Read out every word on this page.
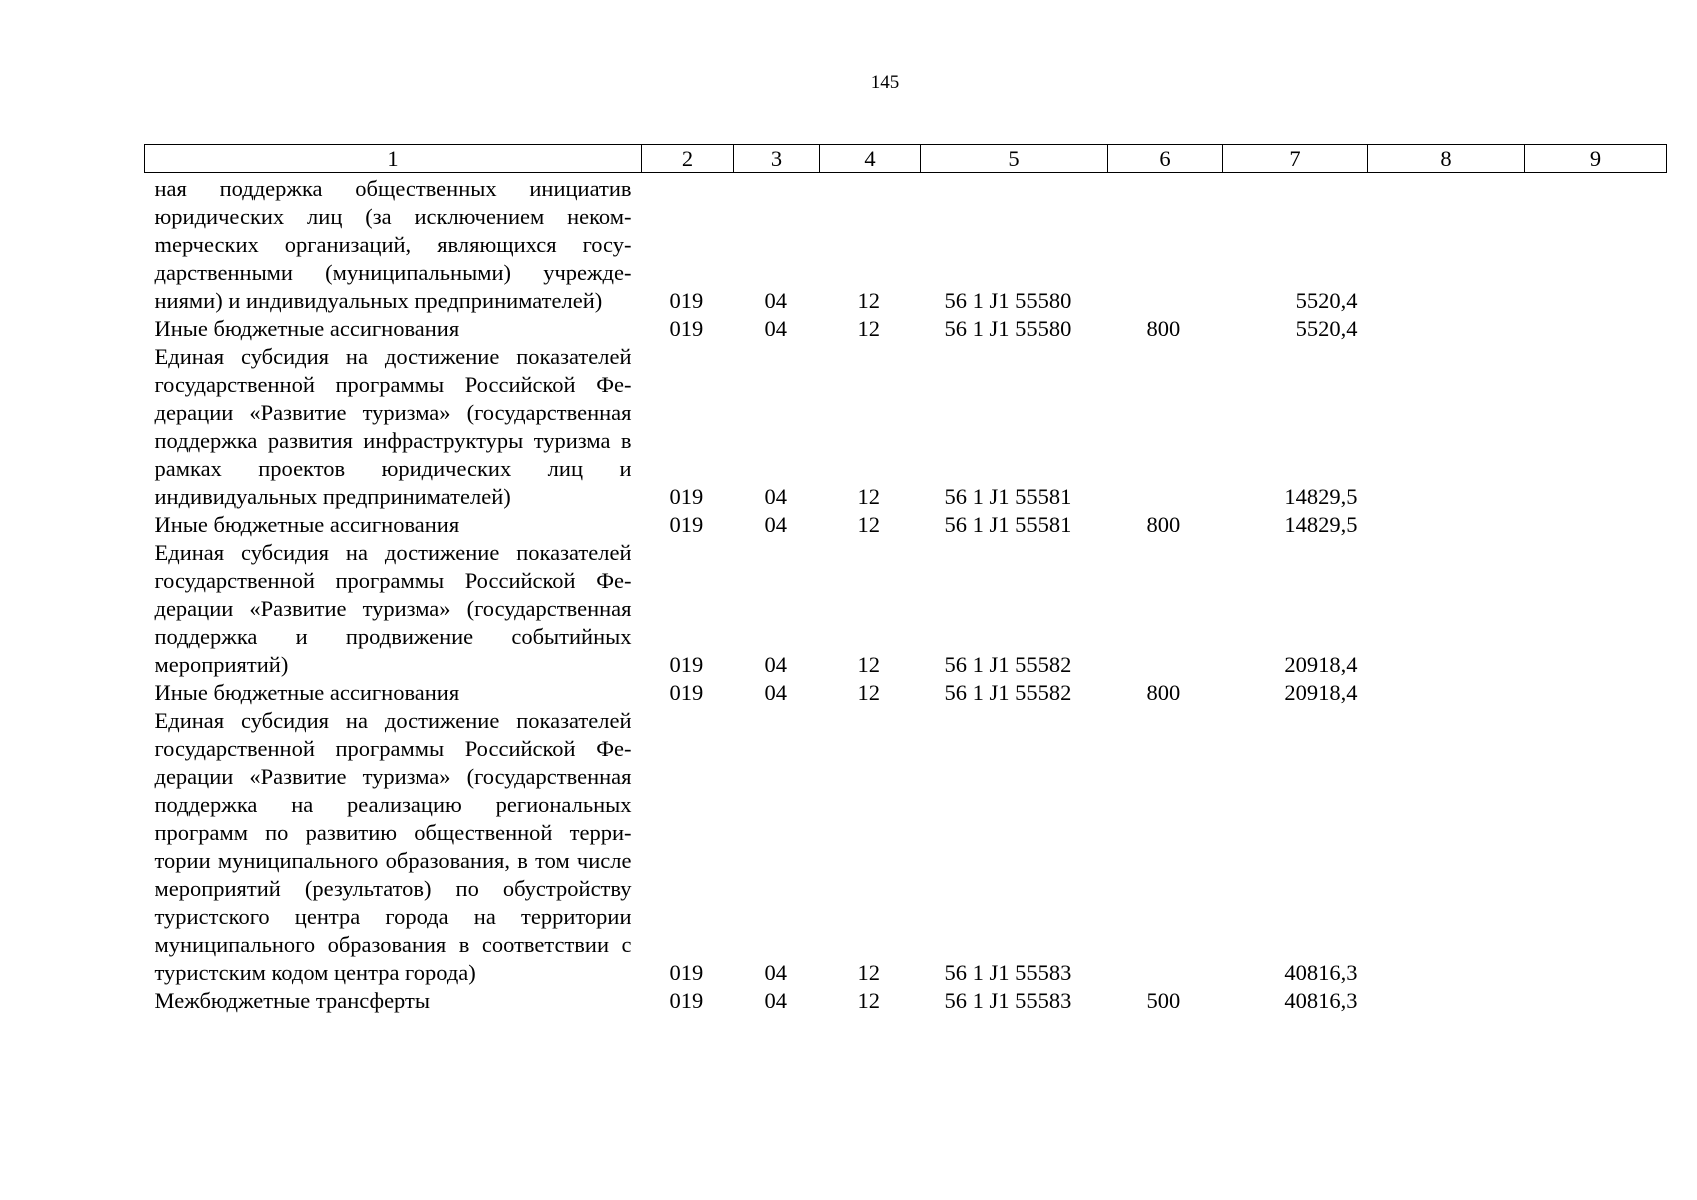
145
1	2	3	4	5	6	7	8	9
ная поддержка общественных инициатив юридических лиц (за исключением некомmерческих организаций, являющихся государственными (муниципальными) учреждениями) и индивидуальных предпринимателей)	019	04	12	56 1 J1 55580		5520,4		
Иные бюджетные ассигнования	019	04	12	56 1 J1 55580	800	5520,4		
Единая субсидия на достижение показателей государственной программы Российской Федерации «Развитие туризма» (государственная поддержка развития инфраструктуры туризма в рамках проектов юридических лиц и индивидуальных предпринимателей)	019	04	12	56 1 J1 55581		14829,5		
Иные бюджетные ассигнования	019	04	12	56 1 J1 55581	800	14829,5		
Единая субсидия на достижение показателей государственной программы Российской Федерации «Развитие туризма» (государственная поддержка и продвижение событийных мероприятий)	019	04	12	56 1 J1 55582		20918,4		
Иные бюджетные ассигнования	019	04	12	56 1 J1 55582	800	20918,4		
Единая субсидия на достижение показателей государственной программы Российской Федерации «Развитие туризма» (государственная поддержка на реализацию региональных программ по развитию общественной территории муниципального образования, в том числе мероприятий (результатов) по обустройству туристского центра города на территории муниципального образования в соответствии с туристским кодом центра города)	019	04	12	56 1 J1 55583		40816,3		
Межбюджетные трансферты	019	04	12	56 1 J1 55583	500	40816,3		
